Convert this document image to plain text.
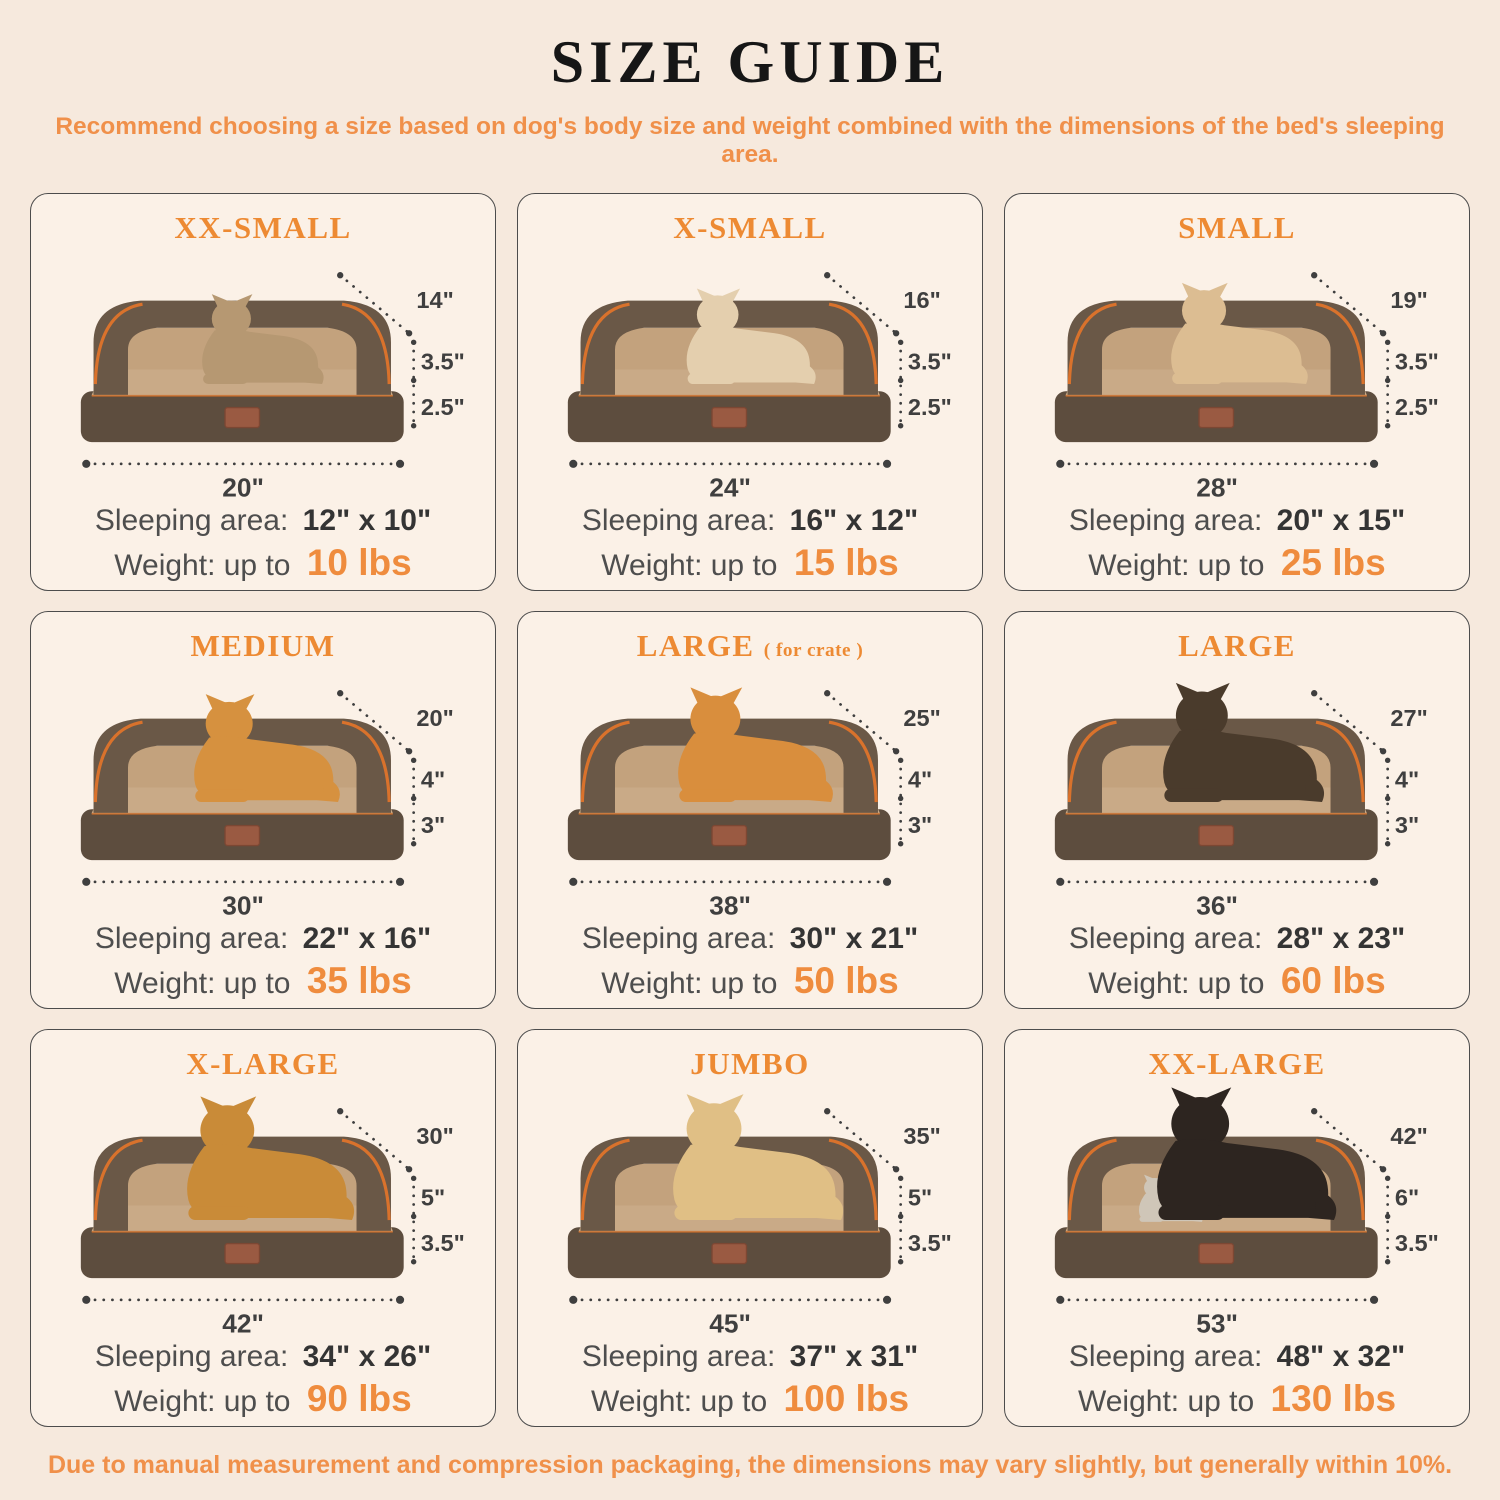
SIZE GUIDE

Recommend choosing a size based on dog's body size and weight combined with the dimensions of the bed's sleeping area.

XX-SMALL
14"
3.5"
2.5"
20"
Sleeping area: 12" x 10"
Weight: up to 10 lbs
X-SMALL
16"
3.5"
2.5"
24"
Sleeping area: 16" x 12"
Weight: up to 15 lbs
SMALL
19"
3.5"
2.5"
28"
Sleeping area: 20" x 15"
Weight: up to 25 lbs
MEDIUM
20"
4"
3"
30"
Sleeping area: 22" x 16"
Weight: up to 35 lbs
LARGE ( for crate )
25"
4"
3"
38"
Sleeping area: 30" x 21"
Weight: up to 50 lbs
LARGE
27"
4"
3"
36"
Sleeping area: 28" x 23"
Weight: up to 60 lbs
X-LARGE
30"
5"
3.5"
42"
Sleeping area: 34" x 26"
Weight: up to 90 lbs
JUMBO
35"
5"
3.5"
45"
Sleeping area: 37" x 31"
Weight: up to 100 lbs
XX-LARGE
42"
6"
3.5"
53"
Sleeping area: 48" x 32"
Weight: up to 130 lbs

Due to manual measurement and compression packaging, the dimensions may vary slightly, but generally within 10%.
